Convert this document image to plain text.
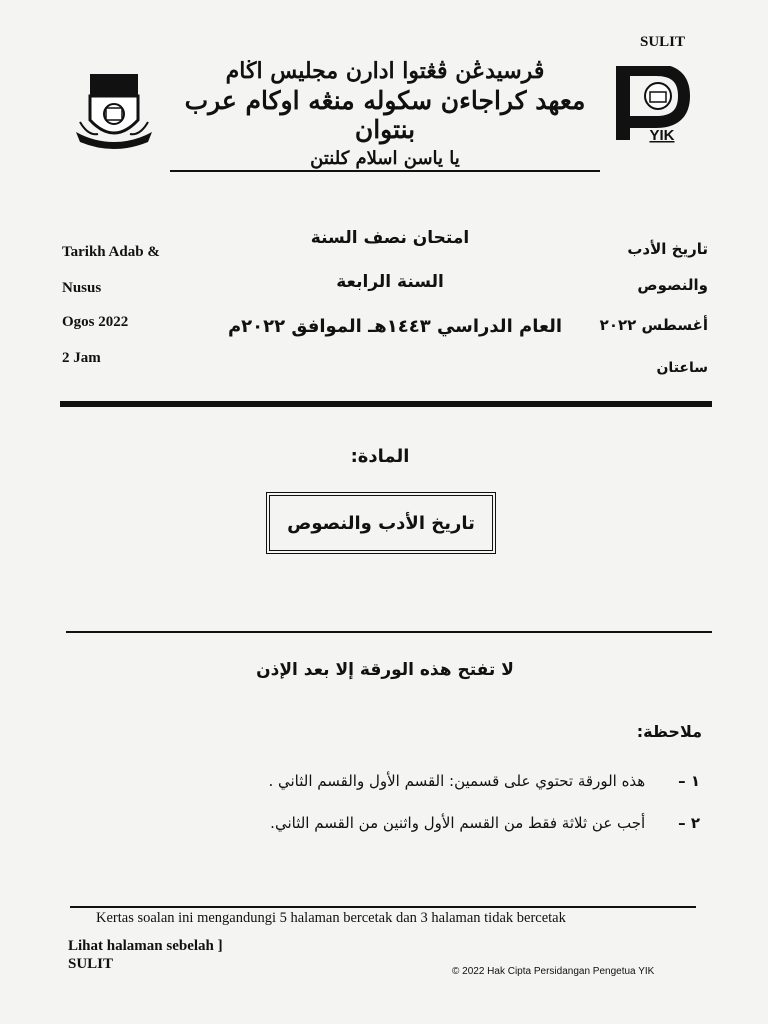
SULIT
ڤرسيدڠن ڤڠتوا ادارن مجليس اڬام
معهد كراجاءن سكوله منڠه اوكام عرب بنتوان
يا ياسن اسلام كلنتن
YIK
Tarikh Adab &
Nusus
Ogos 2022
2 Jam
تاريخ الأدب
والنصوص
أغسطس ٢٠٢٢
ساعتان
امتحان نصف السنة
السنة الرابعة
العام الدراسي ١٤٤٣هـ الموافق ٢٠٢٢م
المادة:
تاريخ الأدب والنصوص
لا تفتح هذه الورقة إلا بعد الإذن
ملاحظة:
١ – هذه الورقة تحتوي على قسمين: القسم الأول والقسم الثاني .
٢ – أجب عن ثلاثة فقط من القسم الأول واثنين من القسم الثاني.
Kertas soalan ini mengandungi 5 halaman bercetak dan 3 halaman tidak bercetak
Lihat halaman sebelah ]
SULIT	© 2022 Hak Cipta Persidangan Pengetua YIK
